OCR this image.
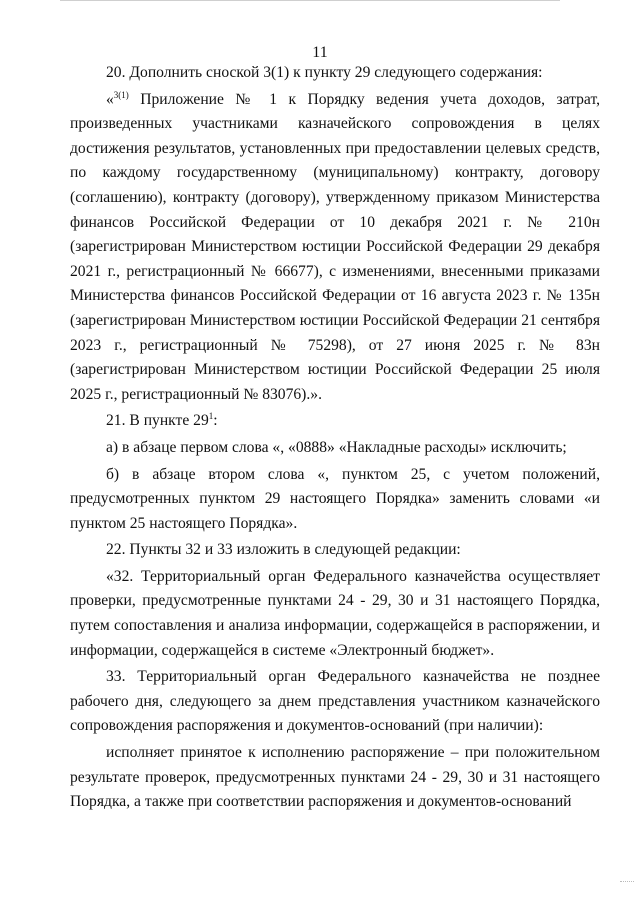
11

20. Дополнить сноской 3(1) к пункту 29 следующего содержания:

«$^{3(1)}$ Приложение № 1 к Порядку ведения учета доходов, затрат, произведенных участниками казначейского сопровождения в целях достижения результатов, установленных при предоставлении целевых средств, по каждому государственному (муниципальному) контракту, договору (соглашению), контракту (договору), утвержденному приказом Министерства финансов Российской Федерации от 10 декабря 2021 г. № 210н (зарегистрирован Министерством юстиции Российской Федерации 29 декабря 2021 г., регистрационный № 66677), с изменениями, внесенными приказами Министерства финансов Российской Федерации от 16 августа 2023 г. № 135н (зарегистрирован Министерством юстиции Российской Федерации 21 сентября 2023 г., регистрационный № 75298), от 27 июня 2025 г. № 83н (зарегистрирован Министерством юстиции Российской Федерации 25 июля 2025 г., регистрационный № 83076).».

21. В пункте $29^1$:

а) в абзаце первом слова «, «0888» «Накладные расходы» исключить;

б) в абзаце втором слова «, пунктом 25, с учетом положений, предусмотренных пунктом 29 настоящего Порядка» заменить словами «и пунктом 25 настоящего Порядка».

22. Пункты 32 и 33 изложить в следующей редакции:

«32. Территориальный орган Федерального казначейства осуществляет проверки, предусмотренные пунктами 24 - 29, 30 и 31 настоящего Порядка, путем сопоставления и анализа информации, содержащейся в распоряжении, и информации, содержащейся в системе «Электронный бюджет».

33. Территориальный орган Федерального казначейства не позднее рабочего дня, следующего за днем представления участником казначейского сопровождения распоряжения и документов-оснований (при наличии):

исполняет принятое к исполнению распоряжение – при положительном результате проверок, предусмотренных пунктами 24 - 29, 30 и 31 настоящего Порядка, а также при соответствии распоряжения и документов-оснований
